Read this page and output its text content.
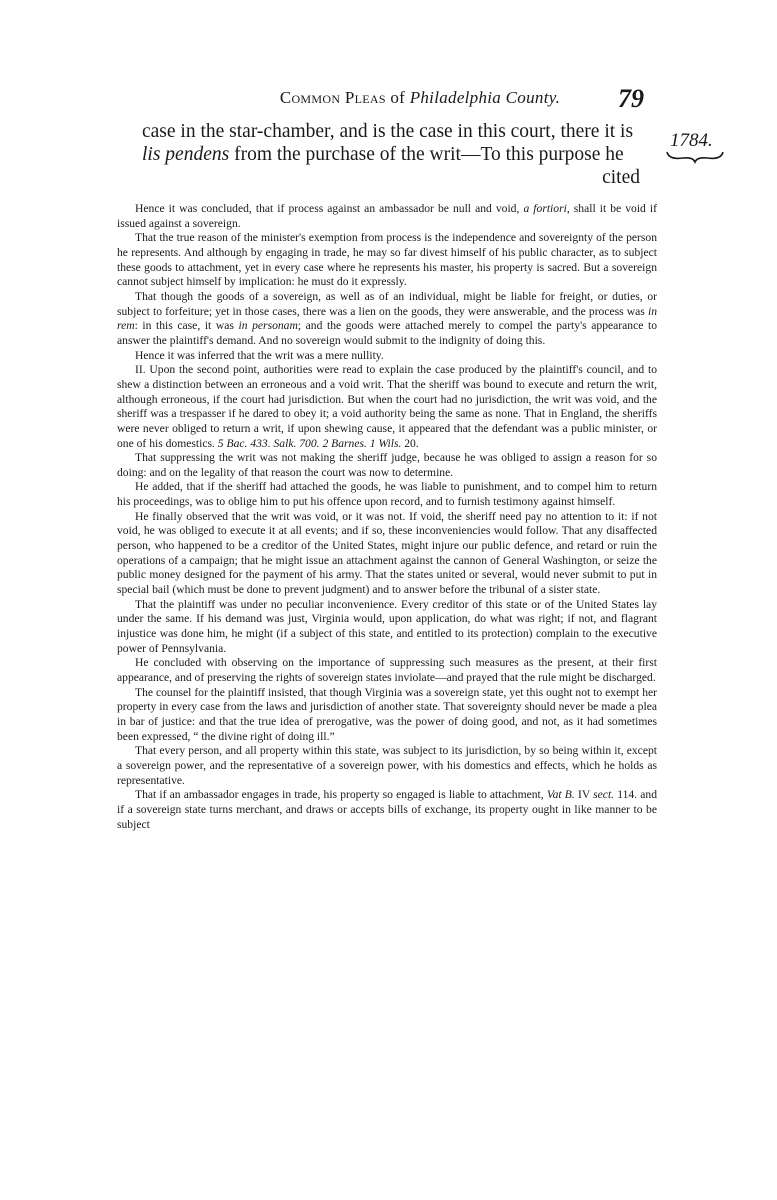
Common Pleas of Philadelphia County.	79

case in the star-chamber, and is the case in this court, there it is

lis pendens from the purchase of the writ—To this purpose he

cited

1784.

Hence it was concluded, that if process against an ambassador be null and void, a fortiori, shall it be void if issued against a sovereign.

That the true reason of the minister's exemption from process is the independence and sovereignty of the person he represents. And although by engaging in trade, he may so far divest himself of his public character, as to subject these goods to attachment, yet in every case where he represents his master, his property is sacred. But a sovereign cannot subject himself by implication: he must do it expressly.

That though the goods of a sovereign, as well as of an individual, might be liable for freight, or duties, or subject to forfeiture; yet in those cases, there was a lien on the goods, they were answerable, and the process was in rem: in this case, it was in personam; and the goods were attached merely to compel the party's appearance to answer the plaintiff's demand. And no sovereign would submit to the indignity of doing this.

Hence it was inferred that the writ was a mere nullity.

II. Upon the second point, authorities were read to explain the case produced by the plaintiff's council, and to shew a distinction between an erroneous and a void writ. That the sheriff was bound to execute and return the writ, although erroneous, if the court had jurisdiction. But when the court had no jurisdiction, the writ was void, and the sheriff was a trespasser if he dared to obey it; a void authority being the same as none. That in England, the sheriffs were never obliged to return a writ, if upon shewing cause, it appeared that the defendant was a public minister, or one of his domestics. 5 Bac. 433. Salk. 700. 2 Barnes. 1 Wils. 20.

That suppressing the writ was not making the sheriff judge, because he was obliged to assign a reason for so doing: and on the legality of that reason the court was now to determine.

He added, that if the sheriff had attached the goods, he was liable to punishment, and to compel him to return his proceedings, was to oblige him to put his offence upon record, and to furnish testimony against himself.

He finally observed that the writ was void, or it was not. If void, the sheriff need pay no attention to it: if not void, he was obliged to execute it at all events; and if so, these inconveniencies would follow. That any disaffected person, who happened to be a creditor of the United States, might injure our public defence, and retard or ruin the operations of a campaign; that he might issue an attachment against the cannon of General Washington, or seize the public money designed for the payment of his army. That the states united or several, would never submit to put in special bail (which must be done to prevent judgment) and to answer before the tribunal of a sister state.

That the plaintiff was under no peculiar inconvenience. Every creditor of this state or of the United States lay under the same. If his demand was just, Virginia would, upon application, do what was right; if not, and flagrant injustice was done him, he might (if a subject of this state, and entitled to its protection) complain to the executive power of Pennsylvania.

He concluded with observing on the importance of suppressing such measures as the present, at their first appearance, and of preserving the rights of sovereign states inviolate—and prayed that the rule might be discharged.

The counsel for the plaintiff insisted, that though Virginia was a sovereign state, yet this ought not to exempt her property in every case from the laws and jurisdiction of another state. That sovereignty should never be made a plea in bar of justice: and that the true idea of prerogative, was the power of doing good, and not, as it had sometimes been expressed, “ the divine right of doing ill.”

That every person, and all property within this state, was subject to its jurisdiction, by so being within it, except a sovereign power, and the representative of a sovereign power, with his domestics and effects, which he holds as representative.

That if an ambassador engages in trade, his property so engaged is liable to attachment, Vat B. IV sect. 114. and if a sovereign state turns merchant, and draws or accepts bills of exchange, its property ought in like manner to be subject
